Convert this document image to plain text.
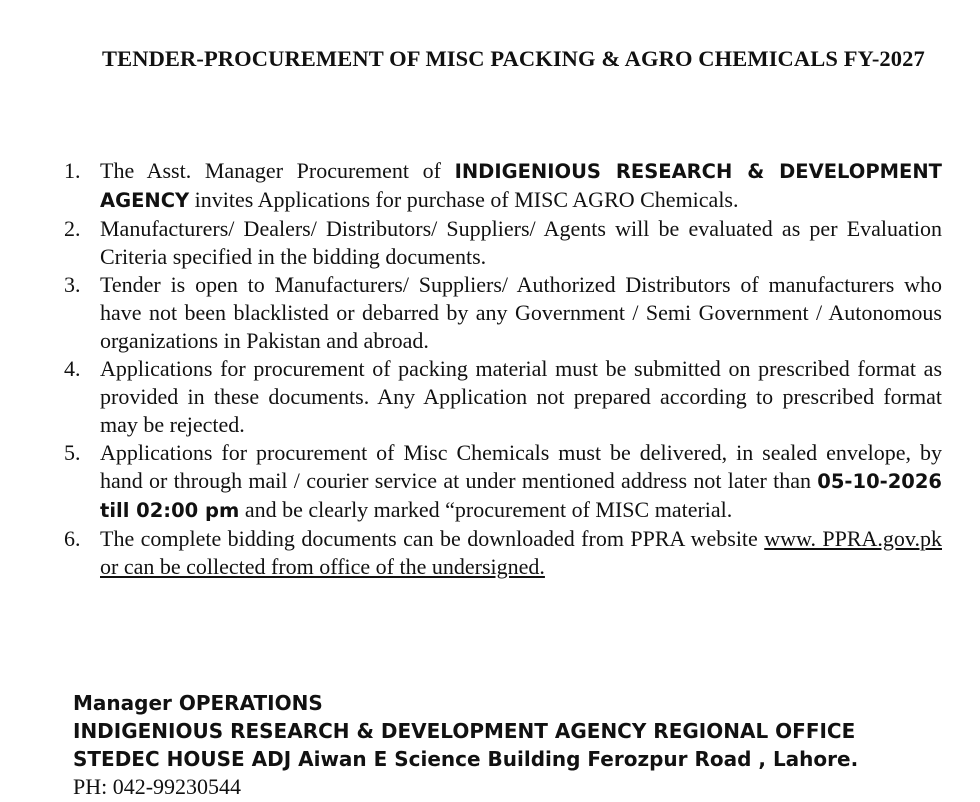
TENDER-PROCUREMENT OF MISC PACKING & AGRO CHEMICALS FY-2027
1. The Asst. Manager Procurement of INDIGENIOUS RESEARCH & DEVELOPMENT AGENCY invites Applications for purchase of MISC AGRO Chemicals.
2. Manufacturers/ Dealers/ Distributors/ Suppliers/ Agents will be evaluated as per Evaluation Criteria specified in the bidding documents.
3. Tender is open to Manufacturers/ Suppliers/ Authorized Distributors of manufacturers who have not been blacklisted or debarred by any Government / Semi Government / Autonomous organizations in Pakistan and abroad.
4. Applications for procurement of packing material must be submitted on prescribed format as provided in these documents. Any Application not prepared according to prescribed format may be rejected.
5. Applications for procurement of Misc Chemicals must be delivered, in sealed envelope, by hand or through mail / courier service at under mentioned address not later than 05-10-2026 till 02:00 pm and be clearly marked “procurement of MISC material.
6. The complete bidding documents can be downloaded from PPRA website www. PPRA.gov.pk or can be collected from office of the undersigned.
Manager OPERATIONS
INDIGENIOUS RESEARCH & DEVELOPMENT AGENCY REGIONAL OFFICE
STEDEC HOUSE ADJ Aiwan E Science Building Ferozpur Road , Lahore.
PH: 042-99230544
